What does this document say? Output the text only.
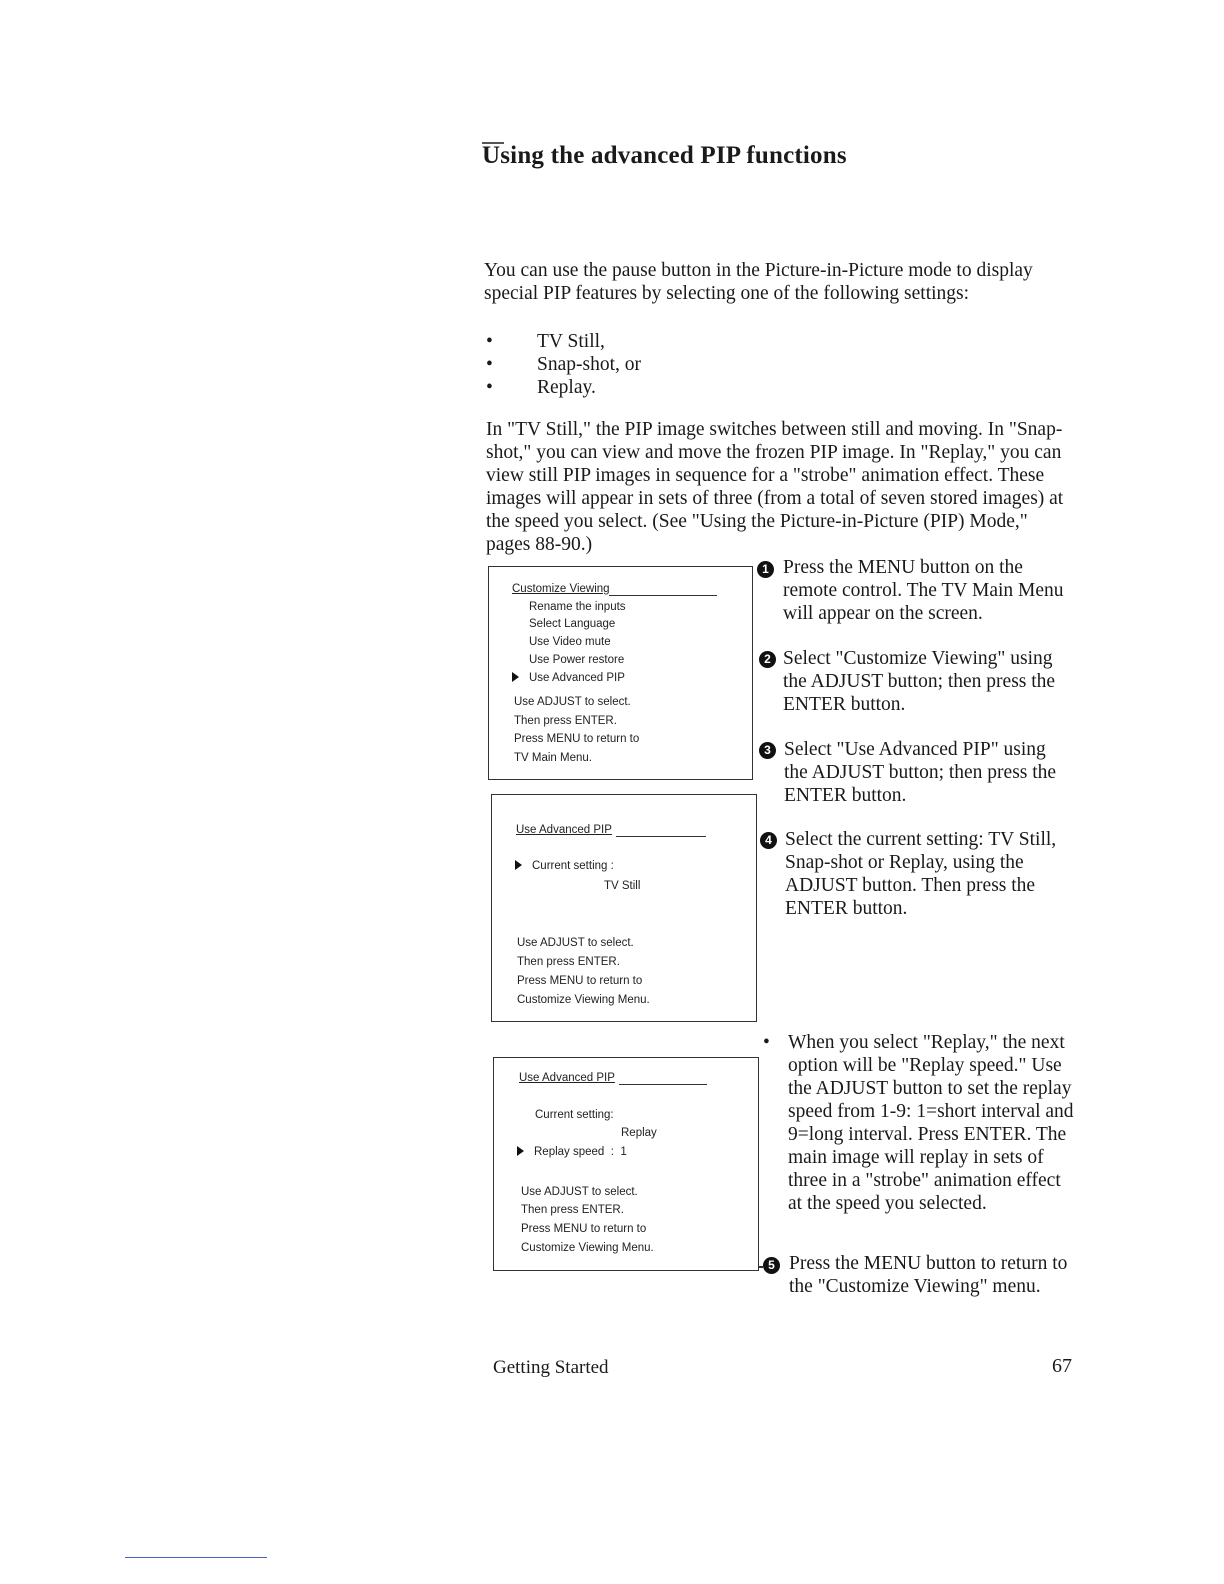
Using the advanced PIP functions
You can use the pause button in the Picture-in-Picture mode to display special PIP features by selecting one of the following settings:
• TV Still,
• Snap-shot, or
• Replay.
In "TV Still," the PIP image switches between still and moving. In "Snap-shot," you can view and move the frozen PIP image. In "Replay," you can view still PIP images in sequence for a "strobe" animation effect. These images will appear in sets of three (from a total of seven stored images) at the speed you select. (See "Using the Picture-in-Picture (PIP) Mode," pages 88-90.)
Customize Viewing
Rename the inputs
Select Language
Use Video mute
Use Power restore
Use Advanced PIP
Use ADJUST to select.
Then press ENTER.
Press MENU to return to
TV Main Menu.
Use Advanced PIP
Current setting :
TV Still
Use ADJUST to select.
Then press ENTER.
Press MENU to return to
Customize Viewing Menu.
Use Advanced PIP
Current setting:
Replay
Replay speed : 1
Use ADJUST to select.
Then press ENTER.
Press MENU to return to
Customize Viewing Menu.
1 Press the MENU button on the remote control. The TV Main Menu will appear on the screen.
2 Select "Customize Viewing" using the ADJUST button; then press the ENTER button.
3 Select "Use Advanced PIP" using the ADJUST button; then press the ENTER button.
4 Select the current setting: TV Still, Snap-shot or Replay, using the ADJUST button. Then press the ENTER button.
• When you select "Replay," the next option will be "Replay speed." Use the ADJUST button to set the replay speed from 1-9: 1=short interval and 9=long interval. Press ENTER. The main image will replay in sets of three in a "strobe" animation effect at the speed you selected.
5 Press the MENU button to return to the "Customize Viewing" menu.
Getting Started	67
